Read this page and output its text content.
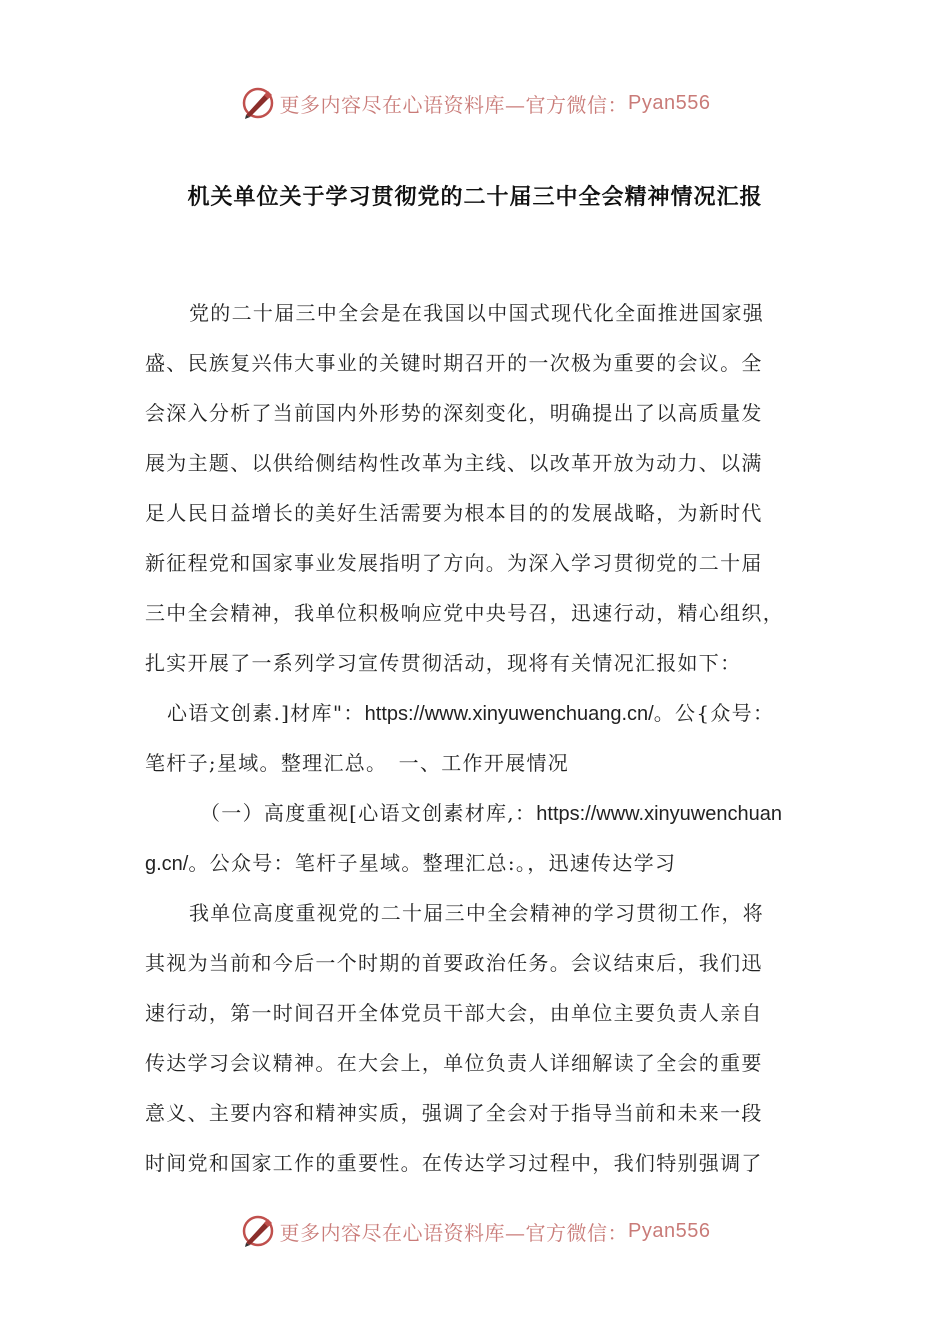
更多内容尽在心语资料库—官方微信： Pyan556
机关单位关于学习贯彻党的二十届三中全会精神情况汇报
党的二十届三中全会是在我国以中国式现代化全面推进国家强
盛、民族复兴伟大事业的关键时期召开的一次极为重要的会议。全
会深入分析了当前国内外形势的深刻变化，明确提出了以高质量发
展为主题、以供给侧结构性改革为主线、以改革开放为动力、以满
足人民日益增长的美好生活需要为根本目的的发展战略，为新时代
新征程党和国家事业发展指明了方向。为深入学习贯彻党的二十届
三中全会精神，我单位积极响应党中央号召，迅速行动，精心组织，
扎实开展了一系列学习宣传贯彻活动，现将有关情况汇报如下：
心语文创素.]材库"：https://www.xinyuwenchuang.cn/。公{众号：
笔杆子;星域。整理汇总。　一、工作开展情况
（一）高度重视[心语文创素材库,：https://www.xinyuwenchuan
g.cn/。公众号：笔杆子星域。整理汇总:。，迅速传达学习
我单位高度重视党的二十届三中全会精神的学习贯彻工作，将
其视为当前和今后一个时期的首要政治任务。会议结束后，我们迅
速行动，第一时间召开全体党员干部大会，由单位主要负责人亲自
传达学习会议精神。在大会上，单位负责人详细解读了全会的重要
意义、主要内容和精神实质，强调了全会对于指导当前和未来一段
时间党和国家工作的重要性。在传达学习过程中，我们特别强调了
更多内容尽在心语资料库—官方微信： Pyan556
